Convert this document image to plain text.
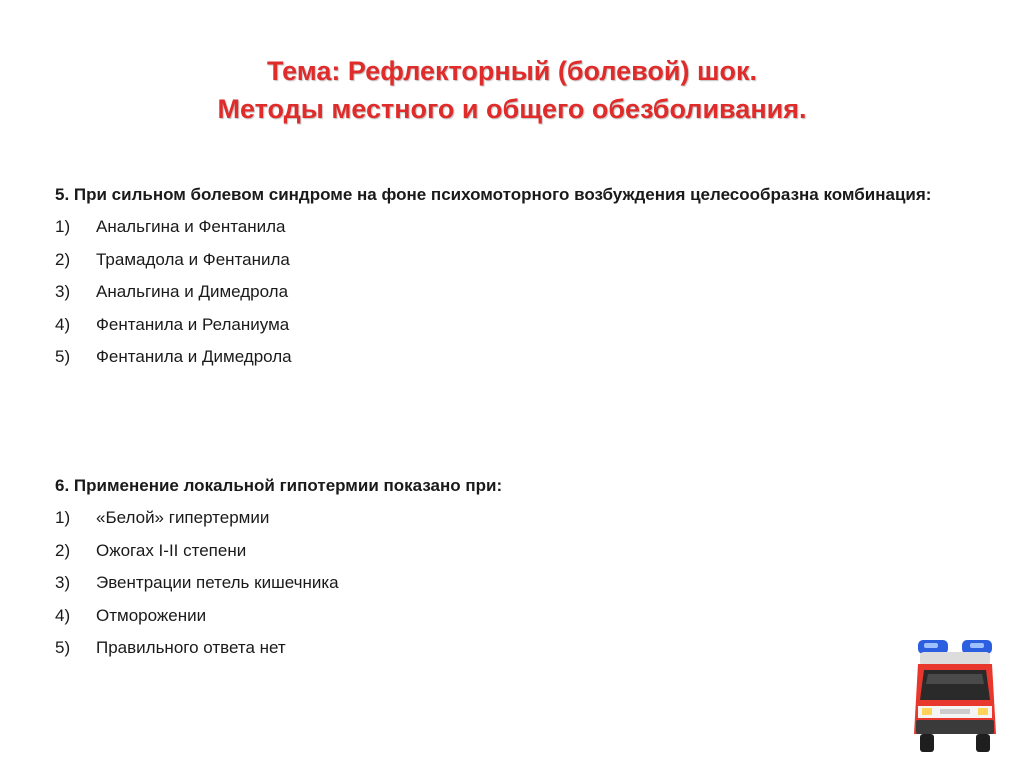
Тема: Рефлекторный (болевой) шок.
Методы местного и общего обезболивания.
5. При сильном болевом синдроме на фоне психомоторного возбуждения целесообразна комбинация:
1)	Анальгина и Фентанила
2)	Трамадола и Фентанила
3)	Анальгина и Димедрола
4)	Фентанила и Реланиума
5)	Фентанила и Димедрола
6. Применение локальной гипотермии показано при:
1)	«Белой» гипертермии
2)	Ожогах I-II степени
3)	Эвентрации петель кишечника
4)	Отморожении
5)	Правильного ответа нет
